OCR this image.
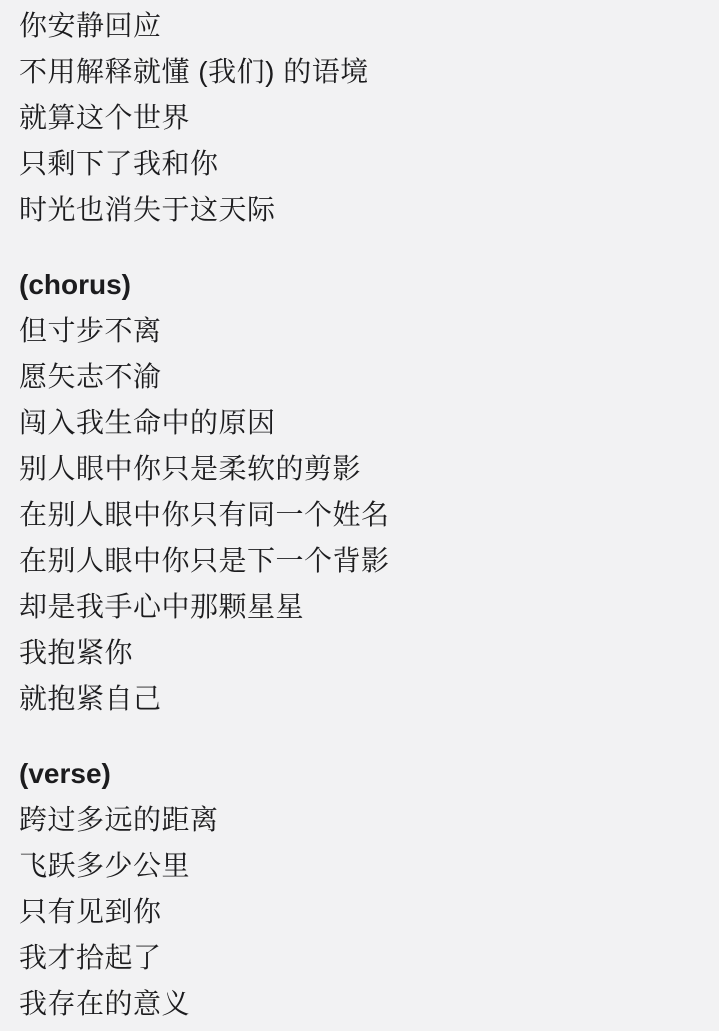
你安静回应
不用解释就懂 (我们) 的语境
就算这个世界
只剩下了我和你
时光也消失于这天际
(chorus)
但寸步不离
愿矢志不渝
闯入我生命中的原因
别人眼中你只是柔软的剪影
在别人眼中你只有同一个姓名
在别人眼中你只是下一个背影
却是我手心中那颗星星
我抱紧你
就抱紧自己
(verse)
跨过多远的距离
飞跃多少公里
只有见到你
我才拾起了
我存在的意义
